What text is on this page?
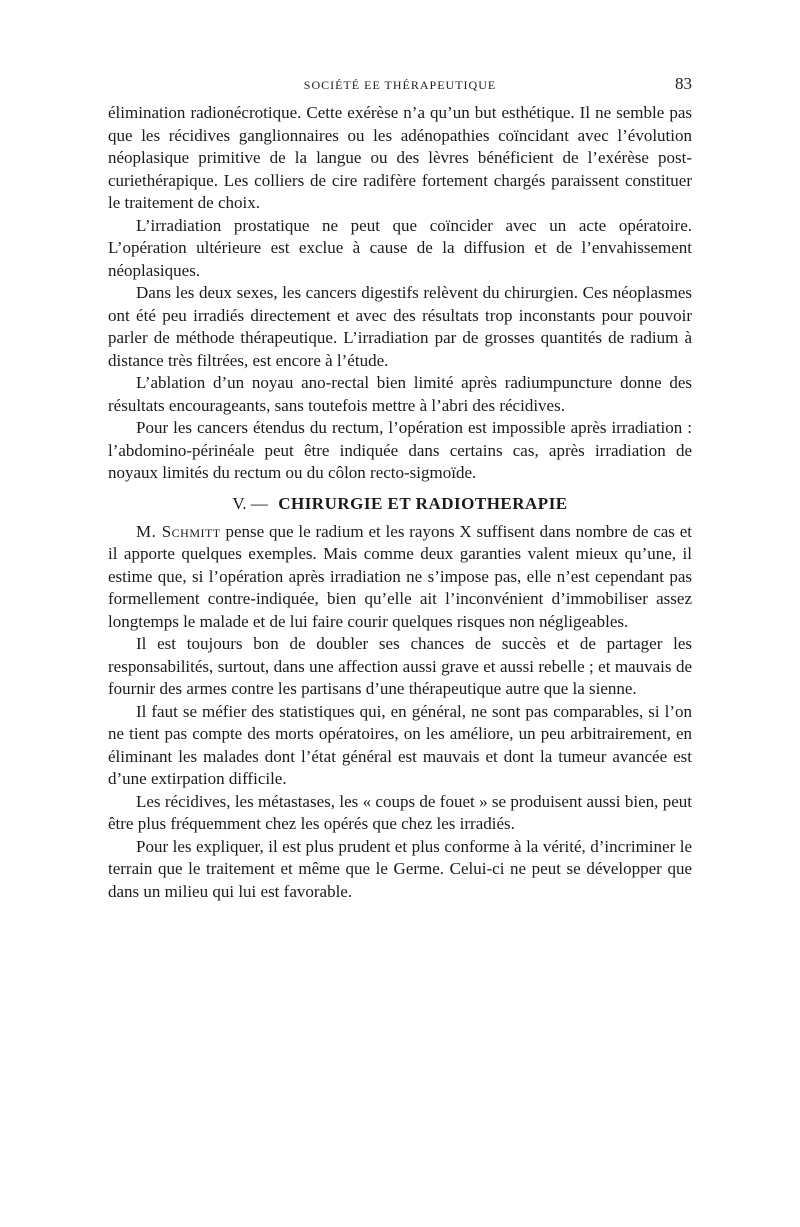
SOCIÉTÉ EE THÉRAPEUTIQUE	83

élimination radionécrotique. Cette exérèse n’a qu’un but esthétique. Il ne semble pas que les récidives ganglionnaires ou les adénopathies coïncidant avec l’évolution néoplasique primitive de la langue ou des lèvres bénéficient de l’exérèse post-curiethérapique. Les colliers de cire radifère fortement chargés paraissent constituer le traitement de choix.

L’irradiation prostatique ne peut que coïncider avec un acte opératoire. L’opération ultérieure est exclue à cause de la diffusion et de l’envahissement néoplasiques.

Dans les deux sexes, les cancers digestifs relèvent du chirurgien. Ces néoplasmes ont été peu irradiés directement et avec des résultats trop inconstants pour pouvoir parler de méthode thérapeutique. L’irradiation par de grosses quantités de radium à distance très filtrées, est encore à l’étude.

L’ablation d’un noyau ano-rectal bien limité après radiumpuncture donne des résultats encourageants, sans toutefois mettre à l’abri des récidives.

Pour les cancers étendus du rectum, l’opération est impossible après irradiation : l’abdomino-périnéale peut être indiquée dans certains cas, après irradiation de noyaux limités du rectum ou du côlon recto-sigmoïde.

V. — CHIRURGIE ET RADIOTHERAPIE

M. Schmitt pense que le radium et les rayons X suffisent dans nombre de cas et il apporte quelques exemples. Mais comme deux garanties valent mieux qu’une, il estime que, si l’opération après irradiation ne s’impose pas, elle n’est cependant pas formellement contre-indiquée, bien qu’elle ait l’inconvénient d’immobiliser assez longtemps le malade et de lui faire courir quelques risques non négligeables.

Il est toujours bon de doubler ses chances de succès et de partager les responsabilités, surtout, dans une affection aussi grave et aussi rebelle ; et mauvais de fournir des armes contre les partisans d’une thérapeutique autre que la sienne.

Il faut se méfier des statistiques qui, en général, ne sont pas comparables, si l’on ne tient pas compte des morts opératoires, on les améliore, un peu arbitrairement, en éliminant les malades dont l’état général est mauvais et dont la tumeur avancée est d’une extirpation difficile.

Les récidives, les métastases, les « coups de fouet » se produisent aussi bien, peut être plus fréquemment chez les opérés que chez les irradiés.

Pour les expliquer, il est plus prudent et plus conforme à la vérité, d’incriminer le terrain que le traitement et même que le Germe. Celui-ci ne peut se développer que dans un milieu qui lui est favorable.
